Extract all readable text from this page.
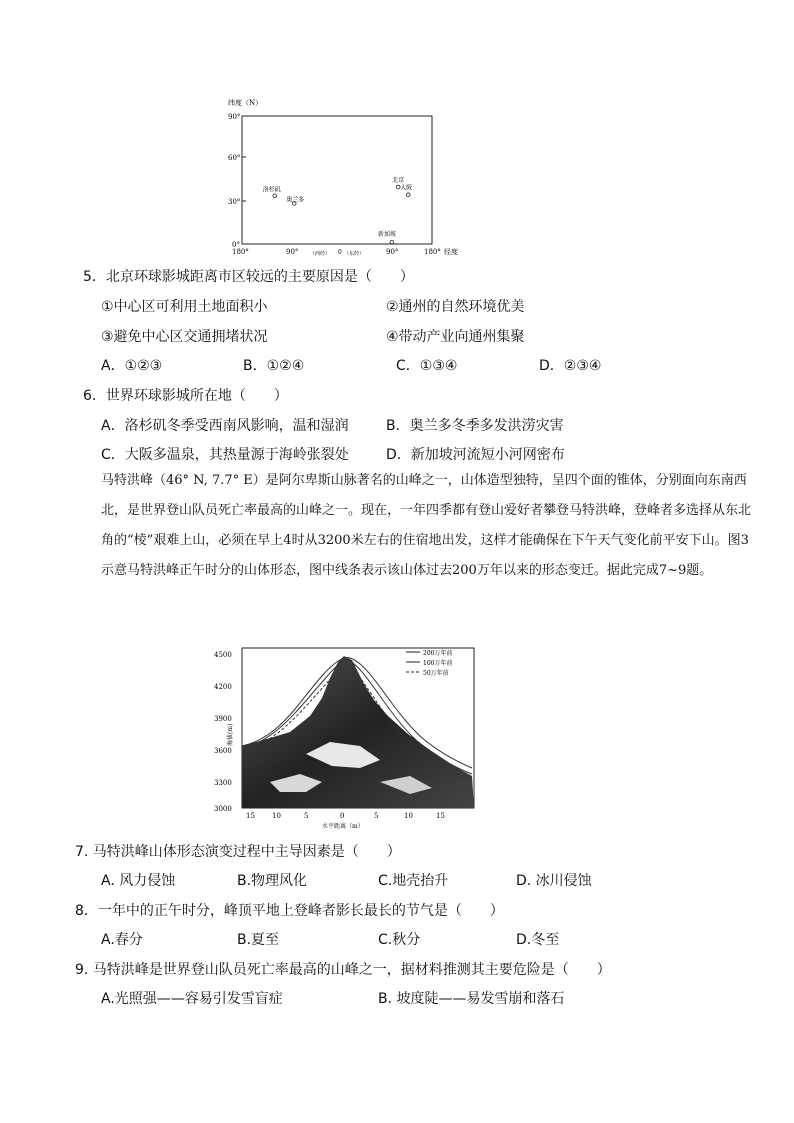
纬度（N）
90°
60°
30°
0°
180°	90°	0	90°	180°
（西经）	（东经）	经度
洛杉矶
奥兰多
北京
大阪
新加坡
5．北京环球影城距离市区较远的主要原因是（　　）
①中心区可利用土地面积小	②通州的自然环境优美
③避免中心区交通拥堵状况	④带动产业向通州集聚
A．①②③	B．①②④	C．①③④	D．②③④
6．世界环球影城所在地（　　）
A．洛杉矶冬季受西南风影响，温和湿润	B．奥兰多冬季多发洪涝灾害
C．大阪多温泉，其热量源于海岭张裂处	D．新加坡河流短小河网密布
马特洪峰（46° N, 7.7° E）是阿尔卑斯山脉著名的山峰之一，山体造型独特，呈四个面的锥体，分别面向东南西北，是世界登山队员死亡率最高的山峰之一。现在，一年四季都有登山爱好者攀登马特洪峰，登峰者多选择从东北角的“棱”艰难上山，必须在早上4时从3200米左右的住宿地出发，这样才能确保在下午天气变化前平安下山。图3示意马特洪峰正午时分的山体形态，图中线条表示该山体过去200万年以来的形态变迁。据此完成7~9题。
4500
4200
3900
3600
3300
3000
海拔(m)
15 10	5	0	5	10	15
水平距离（m）
200万年前
100万年前
50万年前
7. 马特洪峰山体形态演变过程中主导因素是（　　）
A. 风力侵蚀	B.物理风化	C.地壳抬升	D. 冰川侵蚀
8．一年中的正午时分，峰顶平地上登峰者影长最长的节气是（　　）
A.春分	B.夏至	C.秋分	D.冬至
9. 马特洪峰是世界登山队员死亡率最高的山峰之一，据材料推测其主要危险是（　　）
A.光照强——容易引发雪盲症	B. 坡度陡——易发雪崩和落石
